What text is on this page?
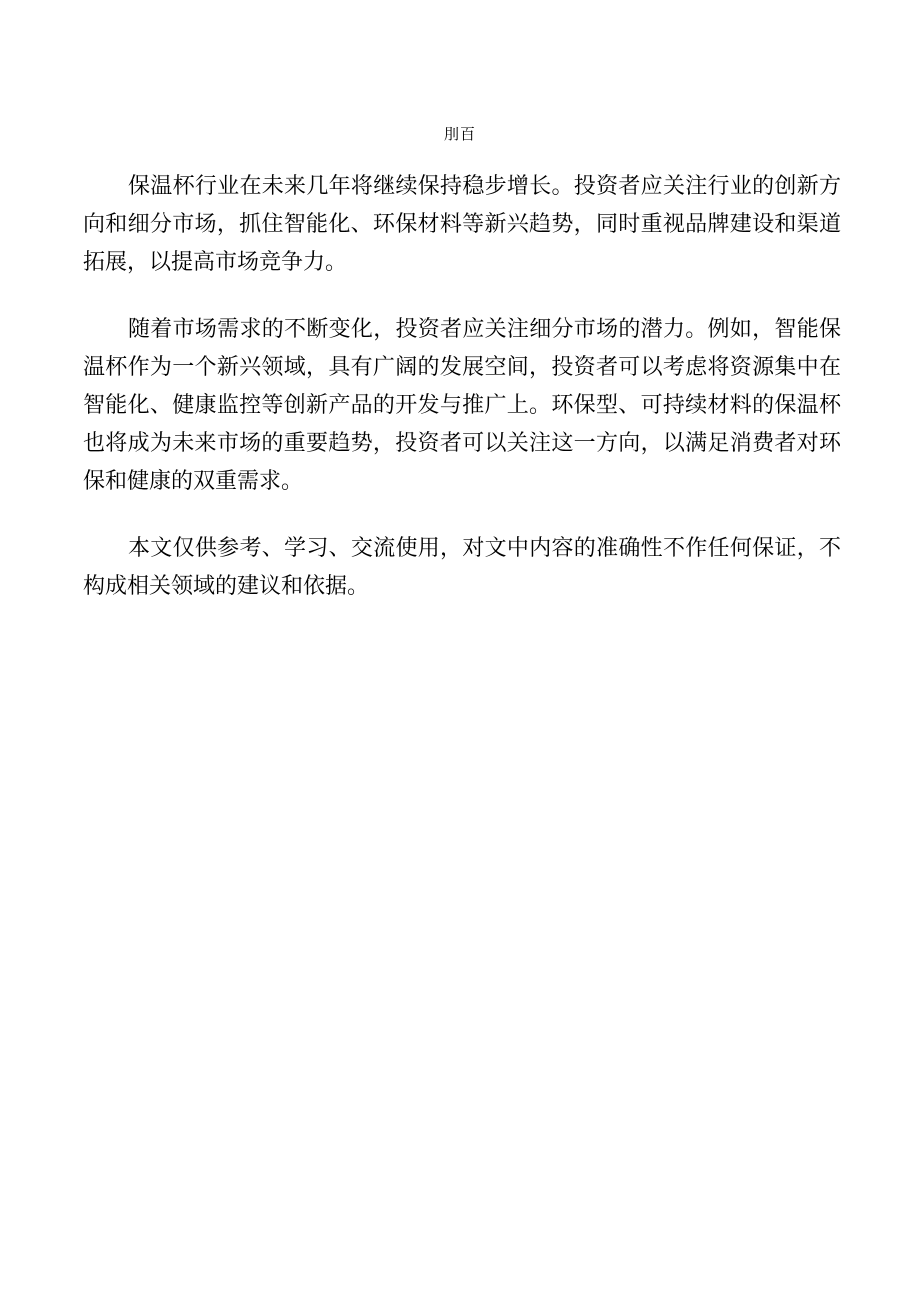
刖百

保温杯行业在未来几年将继续保持稳步增长。投资者应关注行业的创新方向和细分市场，抓住智能化、环保材料等新兴趋势，同时重视品牌建设和渠道拓展，以提高市场竞争力。

随着市场需求的不断变化，投资者应关注细分市场的潜力。例如，智能保温杯作为一个新兴领域，具有广阔的发展空间，投资者可以考虑将资源集中在智能化、健康监控等创新产品的开发与推广上。环保型、可持续材料的保温杯也将成为未来市场的重要趋势，投资者可以关注这一方向，以满足消费者对环保和健康的双重需求。

本文仅供参考、学习、交流使用，对文中内容的准确性不作任何保证，不构成相关领域的建议和依据。
